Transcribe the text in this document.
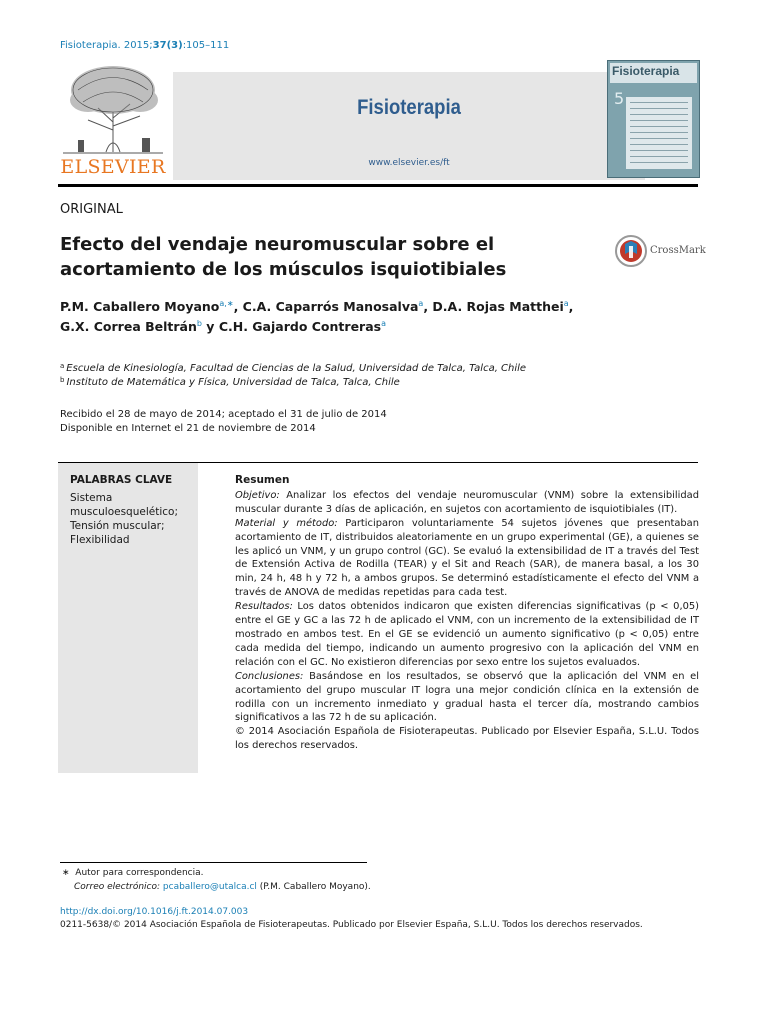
Fisioterapia. 2015;37(3):105–111
ELSEVIER
Fisioterapia
www.elsevier.es/ft
Fisioterapia
5
ORIGINAL
Efecto del vendaje neuromuscular sobre el acortamiento de los músculos isquiotibiales
CrossMark
P.M. Caballero Moyano$^{a,∗}$, C.A. Caparrós Manosalva$^a$, D.A. Rojas Matthei$^a$,
G.X. Correa Beltrán$^b$ y C.H. Gajardo Contreras$^a$
$^a$ Escuela de Kinesiología, Facultad de Ciencias de la Salud, Universidad de Talca, Talca, Chile
$^b$ Instituto de Matemática y Física, Universidad de Talca, Talca, Chile
Recibido el 28 de mayo de 2014; aceptado el 31 de julio de 2014
Disponible en Internet el 21 de noviembre de 2014
PALABRAS CLAVE
Sistema musculoesquelético;
Tensión muscular;
Flexibilidad
Resumen

Objetivo: Analizar los efectos del vendaje neuromuscular (VNM) sobre la extensibilidad muscular durante 3 días de aplicación, en sujetos con acortamiento de isquiotibiales (IT).

Material y método: Participaron voluntariamente 54 sujetos jóvenes que presentaban acortamiento de IT, distribuidos aleatoriamente en un grupo experimental (GE), a quienes se les aplicó un VNM, y un grupo control (GC). Se evaluó la extensibilidad de IT a través del Test de Extensión Activa de Rodilla (TEAR) y el Sit and Reach (SAR), de manera basal, a los 30 min, 24 h, 48 h y 72 h, a ambos grupos. Se determinó estadísticamente el efecto del VNM a través de ANOVA de medidas repetidas para cada test.

Resultados: Los datos obtenidos indicaron que existen diferencias significativas (p < 0,05) entre el GE y GC a las 72 h de aplicado el VNM, con un incremento de la extensibilidad de IT mostrado en ambos test. En el GE se evidenció un aumento significativo (p < 0,05) entre cada medida del tiempo, indicando un aumento progresivo con la aplicación del VNM en relación con el GC. No existieron diferencias por sexo entre los sujetos evaluados.

Conclusiones: Basándose en los resultados, se observó que la aplicación del VNM en el acortamiento del grupo muscular IT logra una mejor condición clínica en la extensión de rodilla con un incremento inmediato y gradual hasta el tercer día, mostrando cambios significativos a las 72 h de su aplicación.

© 2014 Asociación Española de Fisioterapeutas. Publicado por Elsevier España, S.L.U. Todos los derechos reservados.

∗ Autor para correspondencia.
Correo electrónico: pcaballero@utalca.cl (P.M. Caballero Moyano).
http://dx.doi.org/10.1016/j.ft.2014.07.003
0211-5638/© 2014 Asociación Española de Fisioterapeutas. Publicado por Elsevier España, S.L.U. Todos los derechos reservados.
